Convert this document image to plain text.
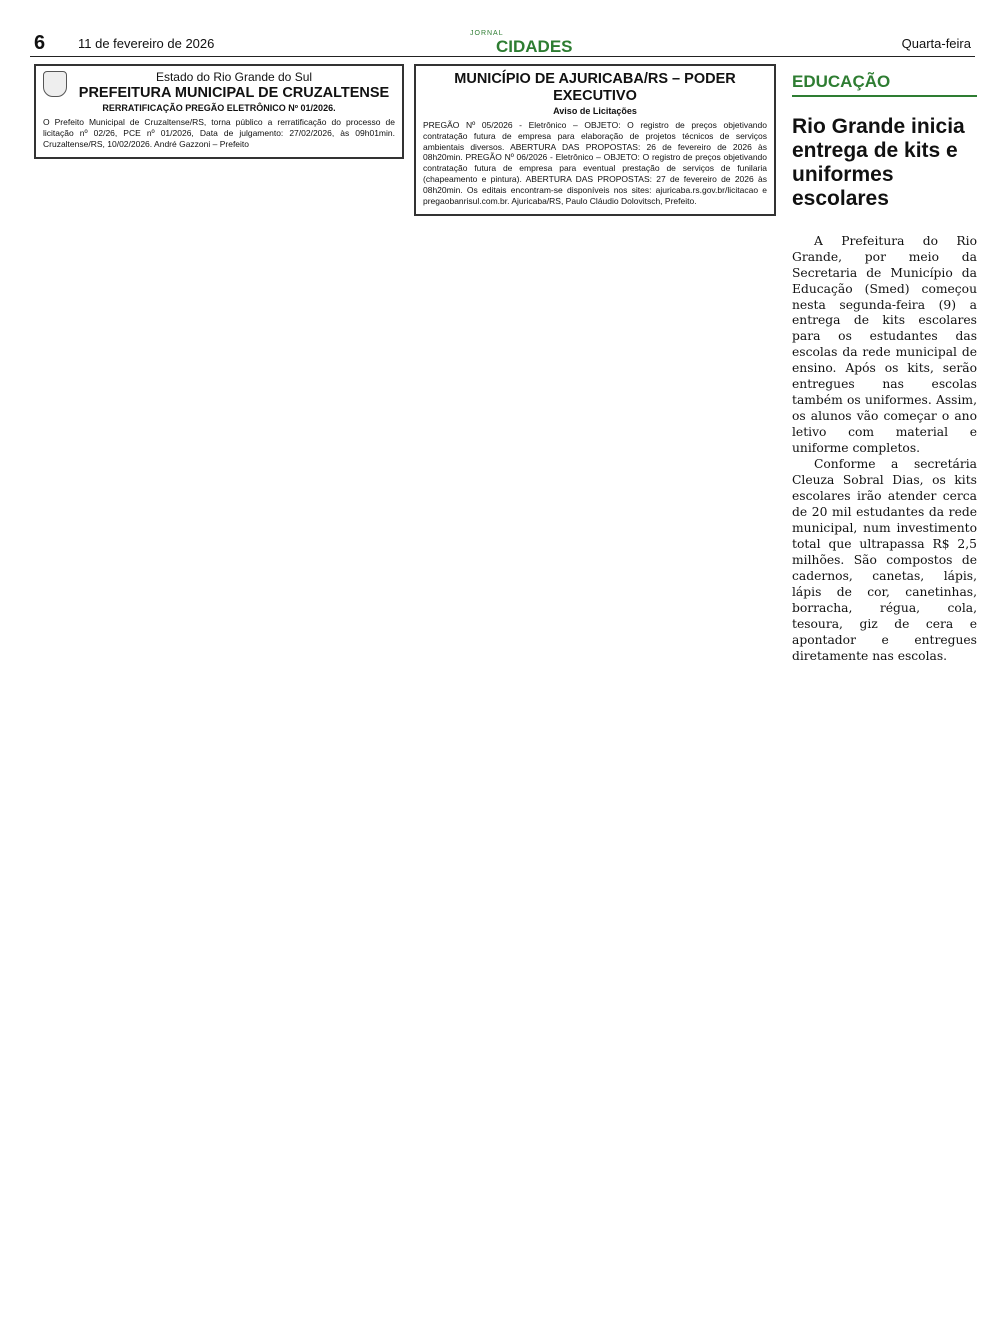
6	11 de fevereiro de 2026
JORNAL
CIDADES	Quarta-feira
Estado do Rio Grande do Sul
PREFEITURA MUNICIPAL DE CRUZALTENSE
RERRATIFICAÇÃO PREGÃO ELETRÔNICO Nº 01/2026.

O Prefeito Municipal de Cruzaltense/RS, torna público a rerratificação do processo de licitação nº 02/26, PCE nº 01/2026, Data de julgamento: 27/02/2026, às 09h01min. Cruzaltense/RS, 10/02/2026. André Gazzoni – Prefeito

MUNICÍPIO DE AJURICABA/RS – PODER EXECUTIVO
Aviso de Licitações

PREGÃO Nº 05/2026 - Eletrônico – OBJETO: O registro de preços objetivando contratação futura de empresa para elaboração de projetos técnicos de serviços ambientais diversos. ABERTURA DAS PROPOSTAS: 26 de fevereiro de 2026 às 08h20min. PREGÃO Nº 06/2026 - Eletrônico – OBJETO: O registro de preços objetivando contratação futura de empresa para eventual prestação de serviços de funilaria (chapeamento e pintura). ABERTURA DAS PROPOSTAS: 27 de fevereiro de 2026 às 08h20min. Os editais encontram-se disponíveis nos sites: ajuricaba.rs.gov.br/licitacao e pregaobanrisul.com.br. Ajuricaba/RS, Paulo Cláudio Dolovitsch, Prefeito.

EDUCAÇÃO
Rio Grande inicia entrega de kits e uniformes escolares

A Prefeitura do Rio Grande, por meio da Secretaria de Município da Educação (Smed) começou nesta segunda-feira (9) a entrega de kits escolares para os estudantes das escolas da rede municipal de ensino. Após os kits, serão entregues nas escolas também os uniformes. Assim, os alunos vão começar o ano letivo com material e uniforme completos.

Conforme a secretária Cleuza Sobral Dias, os kits escolares irão atender cerca de 20 mil estudantes da rede municipal, num investimento total que ultrapassa R$ 2,5 milhões. São compostos de cadernos, canetas, lápis, lápis de cor, canetinhas, borracha, régua, cola, tesoura, giz de cera e apontador e entregues diretamente nas escolas.
